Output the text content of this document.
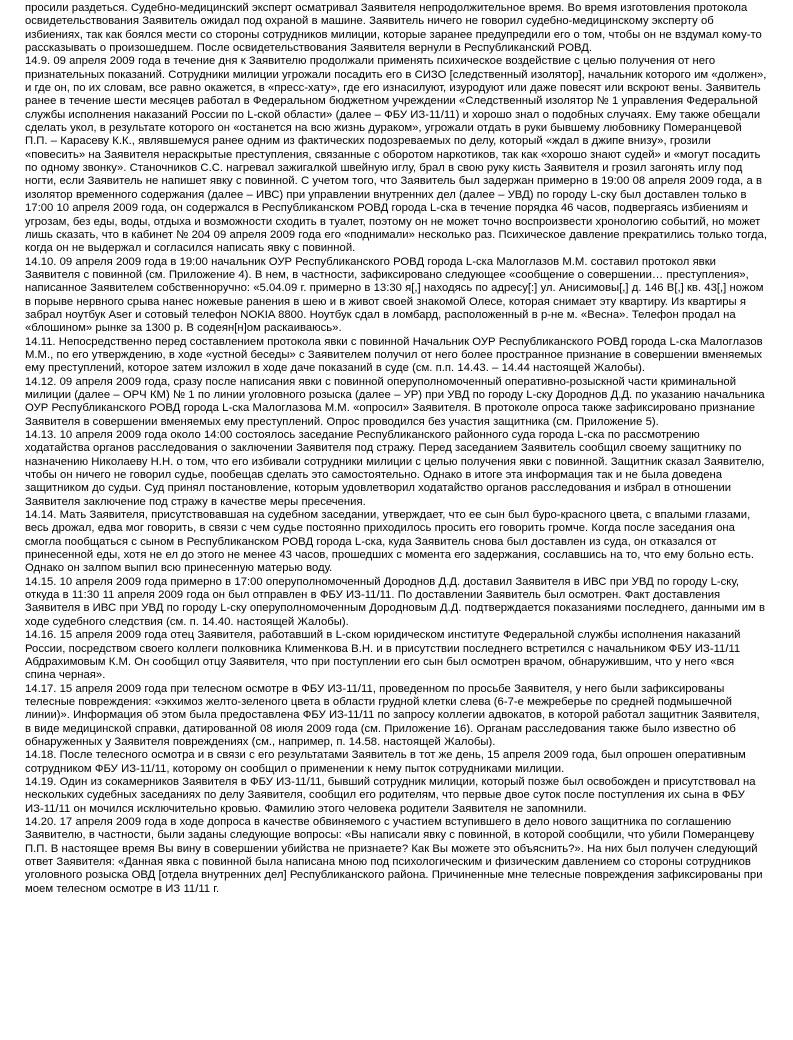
просили раздеться. Судебно-медицинский эксперт осматривал Заявителя непродолжительное время. Во время изготовления протокола освидетельствования Заявитель ожидал под охраной в машине. Заявитель ничего не говорил судебно-медицинскому эксперту об избиениях, так как боялся мести со стороны сотрудников милиции, которые заранее предупредили его о том, чтобы он не вздумал кому-то рассказывать о произошедшем. После освидетельствования Заявителя вернули в Республиканский РОВД.

14.9. 09 апреля 2009 года в течение дня к Заявителю продолжали применять психическое воздействие с целью получения от него признательных показаний. Сотрудники милиции угрожали посадить его в СИЗО [следственный изолятор], начальник которого им «должен», и где он, по их словам, все равно окажется, в «пресс-хату», где его изнасилуют, изуродуют или даже повесят или вскроют вены. Заявитель ранее в течение шести месяцев работал в Федеральном бюджетном учреждении «Следственный изолятор № 1 управления Федеральной службы исполнения наказаний России по L-ской области» (далее – ФБУ ИЗ-11/11) и хорошо знал о подобных случаях. Ему также обещали сделать укол, в результате которого он «останется на всю жизнь дураком», угрожали отдать в руки бывшему любовнику Померанцевой П.П. – Карасеву К.К., являвшемуся ранее одним из фактических подозреваемых по делу, который «ждал в джипе внизу», грозили «повесить» на Заявителя нераскрытые преступления, связанные с оборотом наркотиков, так как «хорошо знают судей» и «могут посадить по одному звонку». Станочников С.С. нагревал зажигалкой швейную иглу, брал в свою руку кисть Заявителя и грозил загонять иглу под ногти, если Заявитель не напишет явку с повинной. С учетом того, что Заявитель был задержан примерно в 19:00 08 апреля 2009 года, а в изолятор временного содержания (далее – ИВС) при управлении внутренних дел (далее – УВД) по городу L-ску был доставлен только в 17:00 10 апреля 2009 года, он содержался в Республиканском РОВД города L-ска в течение порядка 46 часов, подвергаясь избиениям и угрозам, без еды, воды, отдыха и возможности сходить в туалет, поэтому он не может точно воспроизвести хронологию событий, но может лишь сказать, что в кабинет № 204 09 апреля 2009 года его «поднимали» несколько раз. Психическое давление прекратились только тогда, когда он не выдержал и согласился написать явку с повинной.

14.10. 09 апреля 2009 года в 19:00 начальник ОУР Республиканского РОВД города L-ска Малоглазов М.М. составил протокол явки Заявителя с повинной (см. Приложение 4). В нем, в частности, зафиксировано следующее «сообщение о совершении… преступления», написанное Заявителем собственноручно: «5.04.09 г. примерно в 13:30 я[,] находясь по адресу[:] ул. Анисимовы[,] д. 146 В[,] кв. 43[,] ножом в порыве нервного срыва нанес ножевые ранения в шею и в живот своей знакомой Олесе, которая снимает эту квартиру. Из квартиры я забрал ноутбук Aser и сотовый телефон NOKIA 8800. Ноутбук сдал в ломбард, расположенный в р-не м. «Весна». Телефон продал на «блошином» рынке за 1300 р. В содеян[н]ом раскаиваюсь».

14.11. Непосредственно перед составлением протокола явки с повинной Начальник ОУР Республиканского РОВД города L-ска Малоглазов М.М., по его утверждению, в ходе «устной беседы» с Заявителем получил от него более пространное признание в совершении вменяемых ему преступлений, которое затем изложил в ходе даче показаний в суде (см. п.п. 14.43. – 14.44 настоящей Жалобы).

14.12. 09 апреля 2009 года, сразу после написания явки с повинной оперуполномоченный оперативно-розыскной части криминальной милиции (далее – ОРЧ КМ) № 1 по линии уголовного розыска (далее – УР) при УВД по городу L-ску Дороднов Д.Д. по указанию начальника ОУР Республиканского РОВД города L-ска Малоглазова М.М. «опросил» Заявителя. В протоколе опроса также зафиксировано признание Заявителя в совершении вменяемых ему преступлений. Опрос проводился без участия защитника (см. Приложение 5).

14.13. 10 апреля 2009 года около 14:00 состоялось заседание Республиканского районного суда города L-ска по рассмотрению ходатайства органов расследования о заключении Заявителя под стражу. Перед заседанием Заявитель сообщил своему защитнику по назначению Николаеву Н.Н. о том, что его избивали сотрудники милиции с целью получения явки с повинной. Защитник сказал Заявителю, чтобы он ничего не говорил судье, пообещав сделать это самостоятельно. Однако в итоге эта информация так и не была доведена защитником до судьи. Суд принял постановление, которым удовлетворил ходатайство органов расследования и избрал в отношении Заявителя заключение под стражу в качестве меры пресечения.

14.14. Мать Заявителя, присутствовавшая на судебном заседании, утверждает, что ее сын был буро-красного цвета, с впалыми глазами, весь дрожал, едва мог говорить, в связи с чем судье постоянно приходилось просить его говорить громче. Когда после заседания она смогла пообщаться с сыном в Республиканском РОВД города L-ска, куда Заявитель снова был доставлен из суда, он отказался от принесенной еды, хотя не ел до этого не менее 43 часов, прошедших с момента его задержания, сославшись на то, что ему больно есть. Однако он залпом выпил всю принесенную матерью воду.

14.15. 10 апреля 2009 года примерно в 17:00 оперуполномоченный Дороднов Д.Д. доставил Заявителя в ИВС при УВД по городу L-ску, откуда в 11:30 11 апреля 2009 года он был отправлен в ФБУ ИЗ-11/11. По доставлении Заявитель был осмотрен. Факт доставления Заявителя в ИВС при УВД по городу L-ску оперуполномоченным Дородновым Д.Д. подтверждается показаниями последнего, данными им в ходе судебного следствия (см. п. 14.40. настоящей Жалобы).

14.16. 15 апреля 2009 года отец Заявителя, работавший в L-ском юридическом институте Федеральной службы исполнения наказаний России, посредством своего коллеги полковника Клименкова В.Н. и в присутствии последнего встретился с начальником ФБУ ИЗ-11/11 Абдрахимовым К.М. Он сообщил отцу Заявителя, что при поступлении его сын был осмотрен врачом, обнаружившим, что у него «вся спина черная».

14.17. 15 апреля 2009 года при телесном осмотре в ФБУ ИЗ-11/11, проведенном по просьбе Заявителя, у него были зафиксированы телесные повреждения: «экхимоз желто-зеленого цвета в области грудной клетки слева (6-7-е межреберье по средней подмышечной линии)». Информация об этом была предоставлена ФБУ ИЗ-11/11 по запросу коллегии адвокатов, в которой работал защитник Заявителя, в виде медицинской справки, датированной 08 июля 2009 года (см. Приложение 16). Органам расследования также было известно об обнаруженных у Заявителя повреждениях (см., например, п. 14.58. настоящей Жалобы).

14.18. После телесного осмотра и в связи с его результатами Заявитель в тот же день, 15 апреля 2009 года, был опрошен оперативным сотрудником ФБУ ИЗ-11/11, которому он сообщил о применении к нему пыток сотрудниками милиции.

14.19. Один из сокамерников Заявителя в ФБУ ИЗ-11/11, бывший сотрудник милиции, который позже был освобожден и присутствовал на нескольких судебных заседаниях по делу Заявителя, сообщил его родителям, что первые двое суток после поступления их сына в ФБУ ИЗ-11/11 он мочился исключительно кровью. Фамилию этого человека родители Заявителя не запомнили.

14.20. 17 апреля 2009 года в ходе допроса в качестве обвиняемого с участием вступившего в дело нового защитника по соглашению Заявителю, в частности, были заданы следующие вопросы: «Вы написали явку с повинной, в которой сообщили, что убили Померанцеву П.П. В настоящее время Вы вину в совершении убийства не признаете? Как Вы можете это объяснить?». На них был получен следующий ответ Заявителя: «Данная явка с повинной была написана мною под психологическим и физическим давлением со стороны сотрудников уголовного розыска ОВД [отдела внутренних дел] Республиканского района. Причиненные мне телесные повреждения зафиксированы при моем телесном осмотре в ИЗ 11/11 г.
